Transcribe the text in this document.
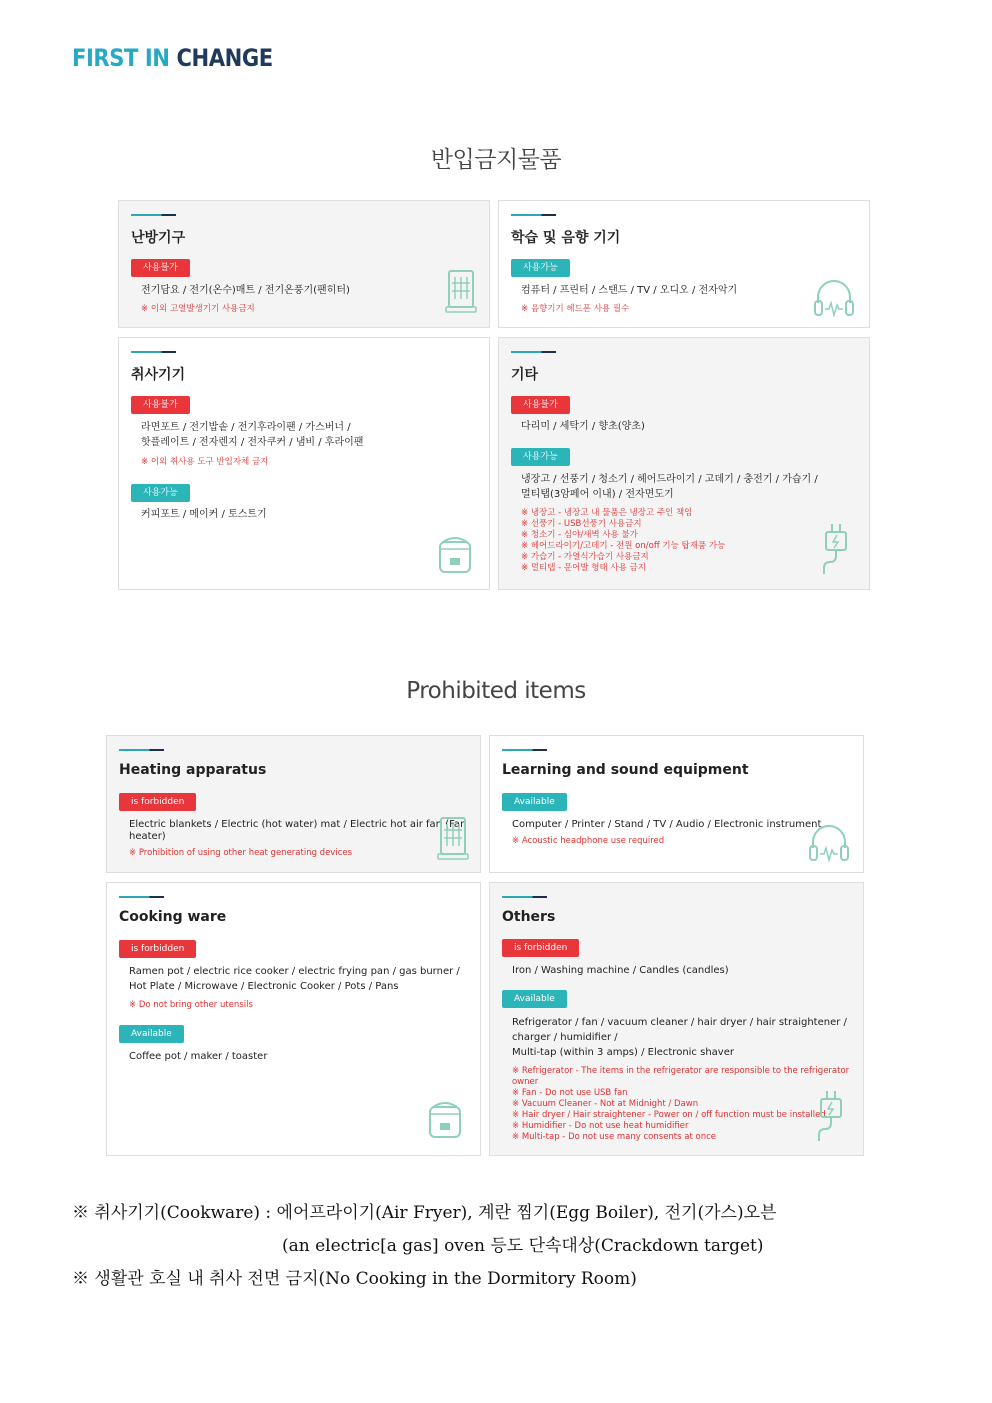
FIRST IN CHANGE
반입금지물품
난방기구
사용불가
전기담요 / 전기(온수)매트 / 전기온풍기(팬히터)
※ 이외 고열발생기기 사용금지
학습 및 음향 기기
사용가능
컴퓨터 / 프린터 / 스탠드 / TV / 오디오 / 전자악기
※ 음향기기 헤드폰 사용 필수
취사기기
사용불가
라면포트 / 전기밥솥 / 전기후라이팬 / 가스버너 /
핫플레이트 / 전자렌지 / 전자쿠커 / 냄비 / 후라이팬
※ 이외 취사용 도구 반입자체 금지
사용가능
커피포트 / 메이커 / 토스트기
기타
사용불가
다리미 / 세탁기 / 향초(양초)
사용가능
냉장고 / 선풍기 / 청소기 / 헤어드라이기 / 고데기 / 충전기 / 가습기 /
멀티탭(3암페어 이내) / 전자면도기
※ 냉장고 - 냉장고 내 물품은 냉장고 주인 책임
※ 선풍기 - USB선풍기 사용금지
※ 청소기 - 심야/새벽 사용 불가
※ 헤어드라이기/고데기 - 전원 on/off 기능 탑재품 가능
※ 가습기 - 가열식가습기 사용금지
※ 멀티탭 - 문어발 형태 사용 금지
Prohibited items
Heating apparatus
is forbidden
Electric blankets / Electric (hot water) mat / Electric hot air fan (Fan
heater)
※ Prohibition of using other heat generating devices
Learning and sound equipment
Available
Computer / Printer / Stand / TV / Audio / Electronic instrument
※ Acoustic headphone use required
Cooking ware
is forbidden
Ramen pot / electric rice cooker / electric frying pan / gas burner /
Hot Plate / Microwave / Electronic Cooker / Pots / Pans
※ Do not bring other utensils
Available
Coffee pot / maker / toaster
Others
is forbidden
Iron / Washing machine / Candles (candles)
Available
Refrigerator / fan / vacuum cleaner / hair dryer / hair straightener /
charger / humidifier /
Multi-tap (within 3 amps) / Electronic shaver
※ Refrigerator - The items in the refrigerator are responsible to the refrigerator
owner
※ Fan - Do not use USB fan
※ Vacuum Cleaner - Not at Midnight / Dawn
※ Hair dryer / Hair straightener - Power on / off function must be installed
※ Humidifier - Do not use heat humidifier
※ Multi-tap - Do not use many consents at once
※ 취사기기(Cookware) : 에어프라이기(Air Fryer), 계란 찜기(Egg Boiler), 전기(가스)오븐
(an electric[a gas] oven 등도 단속대상(Crackdown target)
※ 생활관 호실 내 취사 전면 금지(No Cooking in the Dormitory Room)
